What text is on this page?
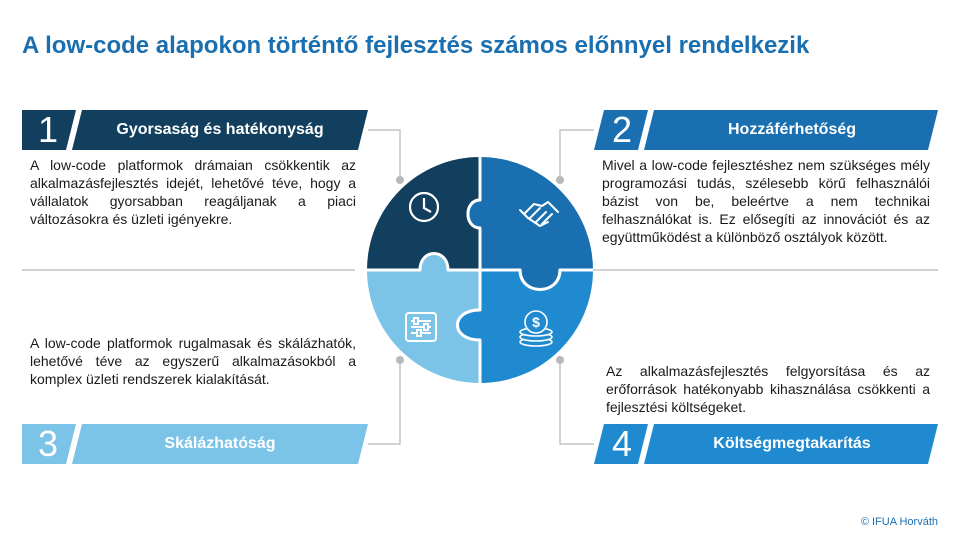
A low-code alapokon történtő fejlesztés számos előnnyel rendelkezik
$
1	Gyorsaság és hatékonyság
A low-code platformok drámaian csökkentik az alkalmazásfejlesztés idejét, lehetővé téve, hogy a vállalatok gyorsabban reagáljanak a piaci változásokra és üzleti igényekre.
2	Hozzáférhetőség
Mivel a low-code fejlesztéshez nem szükséges mély programozási tudás, szélesebb körű felhasználói bázist von be, beleértve a nem technikai felhasználókat is. Ez elősegíti az innovációt és az együttműködést a különböző osztályok között.
A low-code platformok rugalmasak és skálázhatók, lehetővé téve az egyszerű alkalmazásokból a komplex üzleti rendszerek kialakítását.
3	Skálázhatóság
Az alkalmazásfejlesztés felgyorsítása és az erőforrások hatékonyabb kihasználása csökkenti a fejlesztési költségeket.
4	Költségmegtakarítás
© IFUA Horváth
